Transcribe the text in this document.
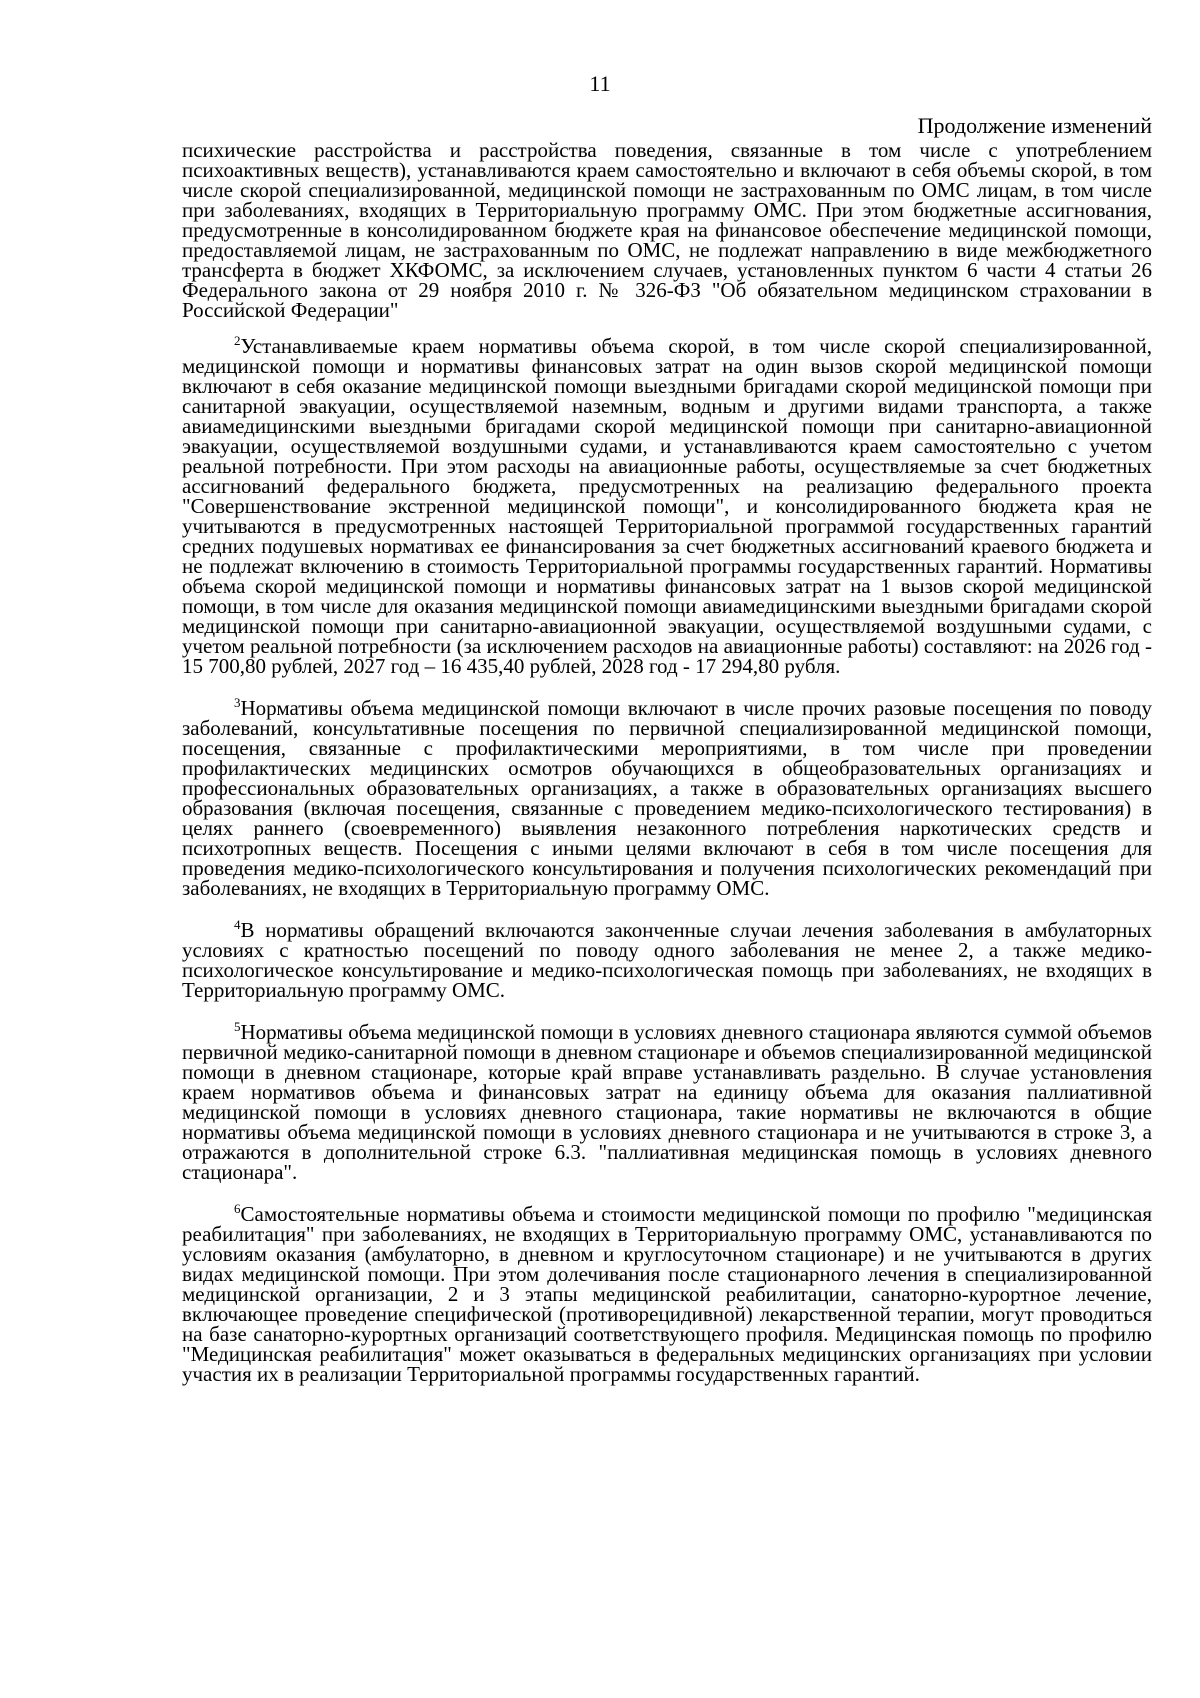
11
Продолжение изменений

психические расстройства и расстройства поведения, связанные в том числе с употреблением психоактивных веществ), устанавливаются краем самостоятельно и включают в себя объемы скорой, в том числе скорой специализированной, медицинской помощи не застрахованным по ОМС лицам, в том числе при заболеваниях, входящих в Территориальную программу ОМС. При этом бюджетные ассигнования, предусмотренные в консолидированном бюджете края на финансовое обеспечение медицинской помощи, предоставляемой лицам, не застрахованным по ОМС, не подлежат направлению в виде межбюджетного трансферта в бюджет ХКФОМС, за исключением случаев, установленных пунктом 6 части 4 статьи 26 Федерального закона от 29 ноября 2010 г. № 326-ФЗ "Об обязательном медицинском страховании в Российской Федерации"

$^2$Устанавливаемые краем нормативы объема скорой, в том числе скорой специализированной, медицинской помощи и нормативы финансовых затрат на один вызов скорой медицинской помощи включают в себя оказание медицинской помощи выездными бригадами скорой медицинской помощи при санитарной эвакуации, осуществляемой наземным, водным и другими видами транспорта, а также авиамедицинскими выездными бригадами скорой медицинской помощи при санитарно-авиационной эвакуации, осуществляемой воздушными судами, и устанавливаются краем самостоятельно с учетом реальной потребности. При этом расходы на авиационные работы, осуществляемые за счет бюджетных ассигнований федерального бюджета, предусмотренных на реализацию федерального проекта "Совершенствование экстренной медицинской помощи", и консолидированного бюджета края не учитываются в предусмотренных настоящей Территориальной программой государственных гарантий средних подушевых нормативах ее финансирования за счет бюджетных ассигнований краевого бюджета и не подлежат включению в стоимость Территориальной программы государственных гарантий. Нормативы объема скорой медицинской помощи и нормативы финансовых затрат на 1 вызов скорой медицинской помощи, в том числе для оказания медицинской помощи авиамедицинскими выездными бригадами скорой медицинской помощи при санитарно-авиационной эвакуации, осуществляемой воздушными судами, с учетом реальной потребности (за исключением расходов на авиационные работы) составляют: на 2026 год - 15 700,80 рублей, 2027 год – 16 435,40 рублей, 2028 год - 17 294,80 рубля.

$^3$Нормативы объема медицинской помощи включают в числе прочих разовые посещения по поводу заболеваний, консультативные посещения по первичной специализированной медицинской помощи, посещения, связанные с профилактическими мероприятиями, в том числе при проведении профилактических медицинских осмотров обучающихся в общеобразовательных организациях и профессиональных образовательных организациях, а также в образовательных организациях высшего образования (включая посещения, связанные с проведением медико-психологического тестирования) в целях раннего (своевременного) выявления незаконного потребления наркотических средств и психотропных веществ. Посещения с иными целями включают в себя в том числе посещения для проведения медико-психологического консультирования и получения психологических рекомендаций при заболеваниях, не входящих в Территориальную программу ОМС.

$^4$В нормативы обращений включаются законченные случаи лечения заболевания в амбулаторных условиях с кратностью посещений по поводу одного заболевания не менее 2, а также медико-психологическое консультирование и медико-психологическая помощь при заболеваниях, не входящих в Территориальную программу ОМС.

$^5$Нормативы объема медицинской помощи в условиях дневного стационара являются суммой объемов первичной медико-санитарной помощи в дневном стационаре и объемов специализированной медицинской помощи в дневном стационаре, которые край вправе устанавливать раздельно. В случае установления краем нормативов объема и финансовых затрат на единицу объема для оказания паллиативной медицинской помощи в условиях дневного стационара, такие нормативы не включаются в общие нормативы объема медицинской помощи в условиях дневного стационара и не учитываются в строке 3, а отражаются в дополнительной строке 6.3. "паллиативная медицинская помощь в условиях дневного стационара".

$^6$Самостоятельные нормативы объема и стоимости медицинской помощи по профилю "медицинская реабилитация" при заболеваниях, не входящих в Территориальную программу ОМС, устанавливаются по условиям оказания (амбулаторно, в дневном и круглосуточном стационаре) и не учитываются в других видах медицинской помощи. При этом долечивания после стационарного лечения в специализированной медицинской организации, 2 и 3 этапы медицинской реабилитации, санаторно-курортное лечение, включающее проведение специфической (противорецидивной) лекарственной терапии, могут проводиться на базе санаторно-курортных организаций соответствующего профиля. Медицинская помощь по профилю "Медицинская реабилитация" может оказываться в федеральных медицинских организациях при условии участия их в реализации Территориальной программы государственных гарантий.
